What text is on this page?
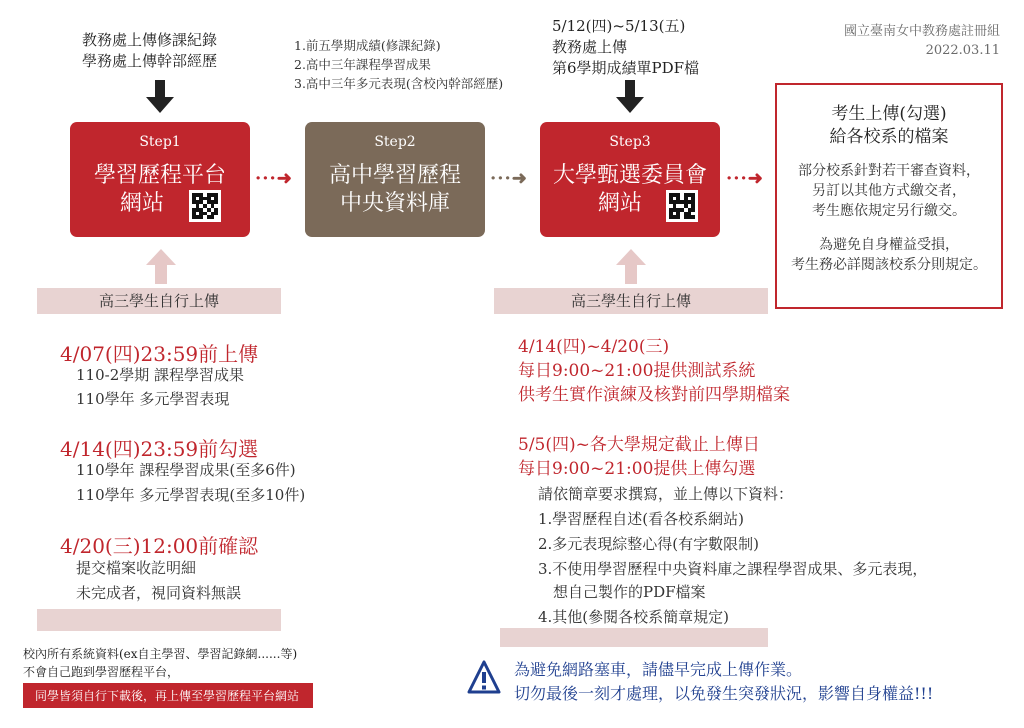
國立臺南女中教務處註冊組
2022.03.11
教務處上傳修課紀錄
學務處上傳幹部經歷
1.前五學期成績(修課紀錄)
2.高中三年課程學習成果
3.高中三年多元表現(含校內幹部經歷)
5/12(四)~5/13(五)
教務處上傳
第6學期成績單PDF檔
Step1
學習歷程平台
網站
Step2
高中學習歷程
中央資料庫
Step3
大學甄選委員會
網站
···➜	···➜	···➜
考生上傳(勾選)
給各校系的檔案
部分校系針對若干審查資料，
另訂以其他方式繳交者，
考生應依規定另行繳交。
為避免自身權益受損，
考生務必詳閱該校系分則規定。
高三學生自行上傳	高三學生自行上傳
4/07(四)23:59前上傳
110-2學期 課程學習成果
110學年 多元學習表現
4/14(四)23:59前勾選
110學年 課程學習成果(至多6件)
110學年 多元學習表現(至多10件)
4/20(三)12:00前確認
提交檔案收訖明細
未完成者，視同資料無誤
4/14(四)~4/20(三)
每日9:00~21:00提供測試系統
供考生實作演練及核對前四學期檔案
5/5(四)~各大學規定截止上傳日
每日9:00~21:00提供上傳勾選
請依簡章要求撰寫，並上傳以下資料：
1.學習歷程自述(看各校系網站)
2.多元表現綜整心得(有字數限制)
3.不使用學習歷程中央資料庫之課程學習成果、多元表現，
想自己製作的PDF檔案
4.其他(參閱各校系簡章規定)
校內所有系統資料(ex自主學習、學習記錄網......等)
不會自己跑到學習歷程平台，
同學皆須自行下載後，再上傳至學習歷程平台網站
為避免網路塞車，請儘早完成上傳作業。
切勿最後一刻才處理，以免發生突發狀況，影響自身權益!!!
